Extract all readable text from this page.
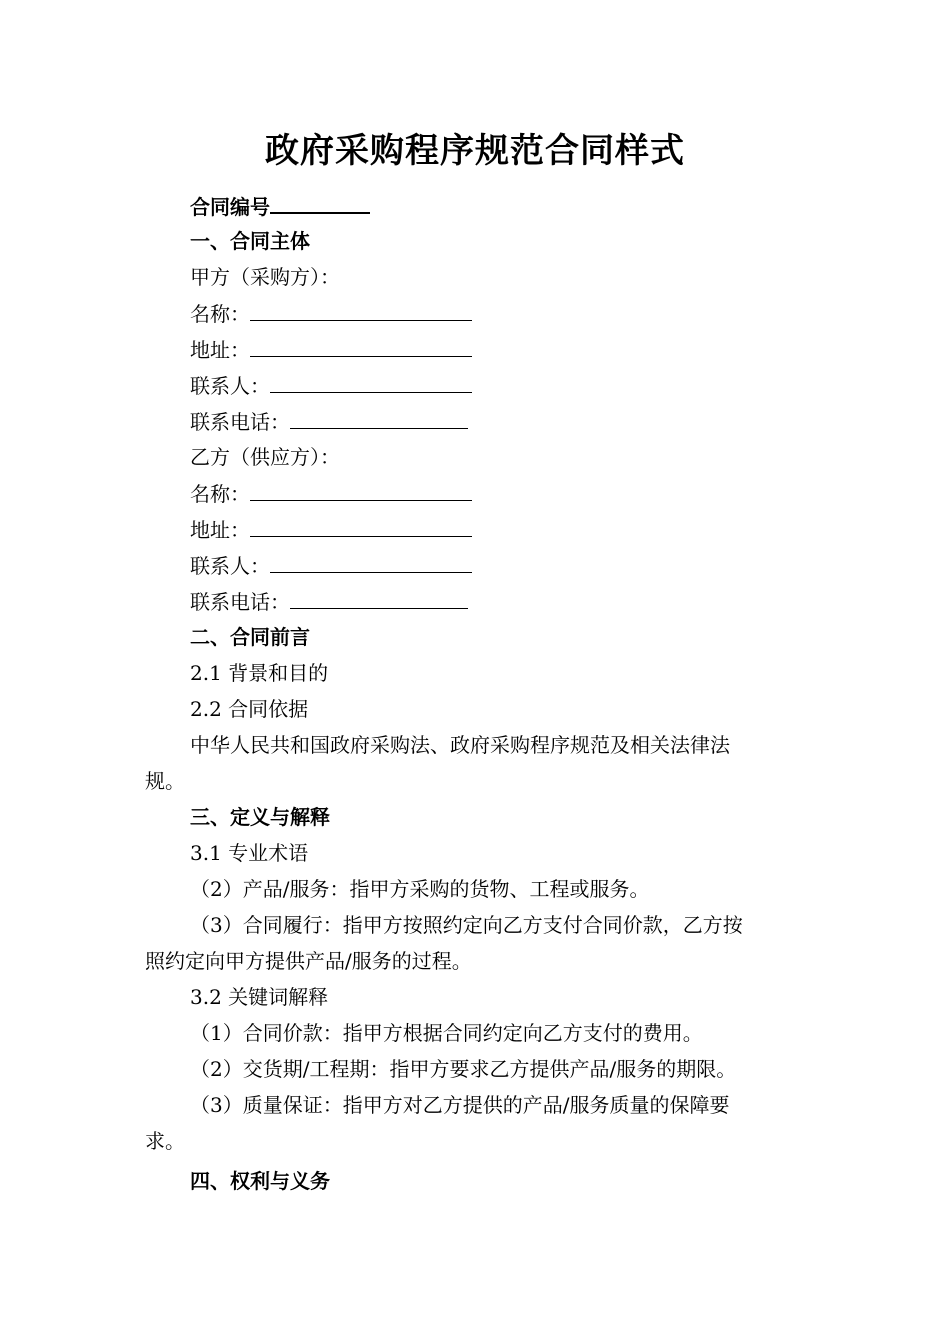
政府采购程序规范合同样式
合同编号
一、合同主体
甲方（采购方）：
名称：
地址：
联系人：
联系电话：
乙方（供应方）：
名称：
地址：
联系人：
联系电话：
二、合同前言
2.1 背景和目的
2.2 合同依据
中华人民共和国政府采购法、政府采购程序规范及相关法律法
规。
三、定义与解释
3.1 专业术语
（2）产品/服务：指甲方采购的货物、工程或服务。
（3）合同履行：指甲方按照约定向乙方支付合同价款，乙方按
照约定向甲方提供产品/服务的过程。
3.2 关键词解释
（1）合同价款：指甲方根据合同约定向乙方支付的费用。
（2）交货期/工程期：指甲方要求乙方提供产品/服务的期限。
（3）质量保证：指甲方对乙方提供的产品/服务质量的保障要
求。
四、权利与义务
